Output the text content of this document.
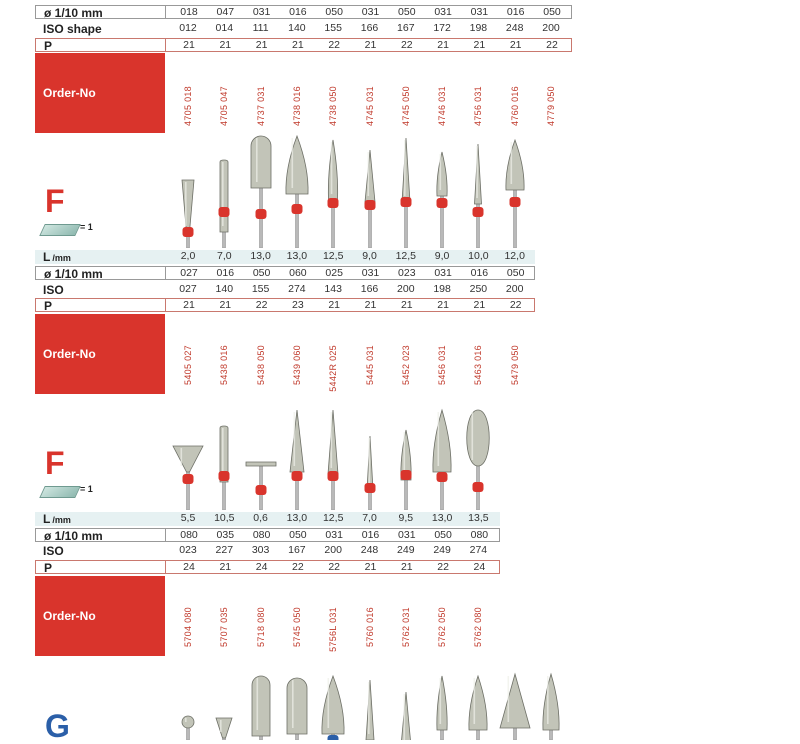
ø 1/10 mm	018	047	031	016	050	031	050	031	031	016	050
ISO shape	012	014	111	140	155	166	167	172	198	248	200
P	21	21	21	21	22	21	22	21	21	21	22
Order-No	4705 018	4705 047	4737 031	4738 016	4738 050	4745 031	4745 050	4746 031	4756 031	4760 016	4779 050
F
= 1
L /mm	2,0	7,0	13,0	13,0	12,5	9,0	12,5	9,0	10,0	12,0
ø 1/10 mm	027	016	050	060	025	031	023	031	016	050
ISO	027	140	155	274	143	166	200	198	250	200
P	21	21	22	23	21	21	21	21	21	22
Order-No	5405 027	5438 016	5438 050	5439 060	5442R 025	5445 031	5452 023	5456 031	5463 016	5479 050
F
= 1
L /mm	5,5	10,5	0,6	13,0	12,5	7,0	9,5	13,0	13,5
ø 1/10 mm	080	035	080	050	031	016	031	050	080
ISO	023	227	303	167	200	248	249	249	274
P	24	21	24	22	22	21	21	22	24
Order-No	5704 080	5707 035	5718 080	5745 050	5756L 031	5760 016	5762 031	5762 050	5762 080
G
